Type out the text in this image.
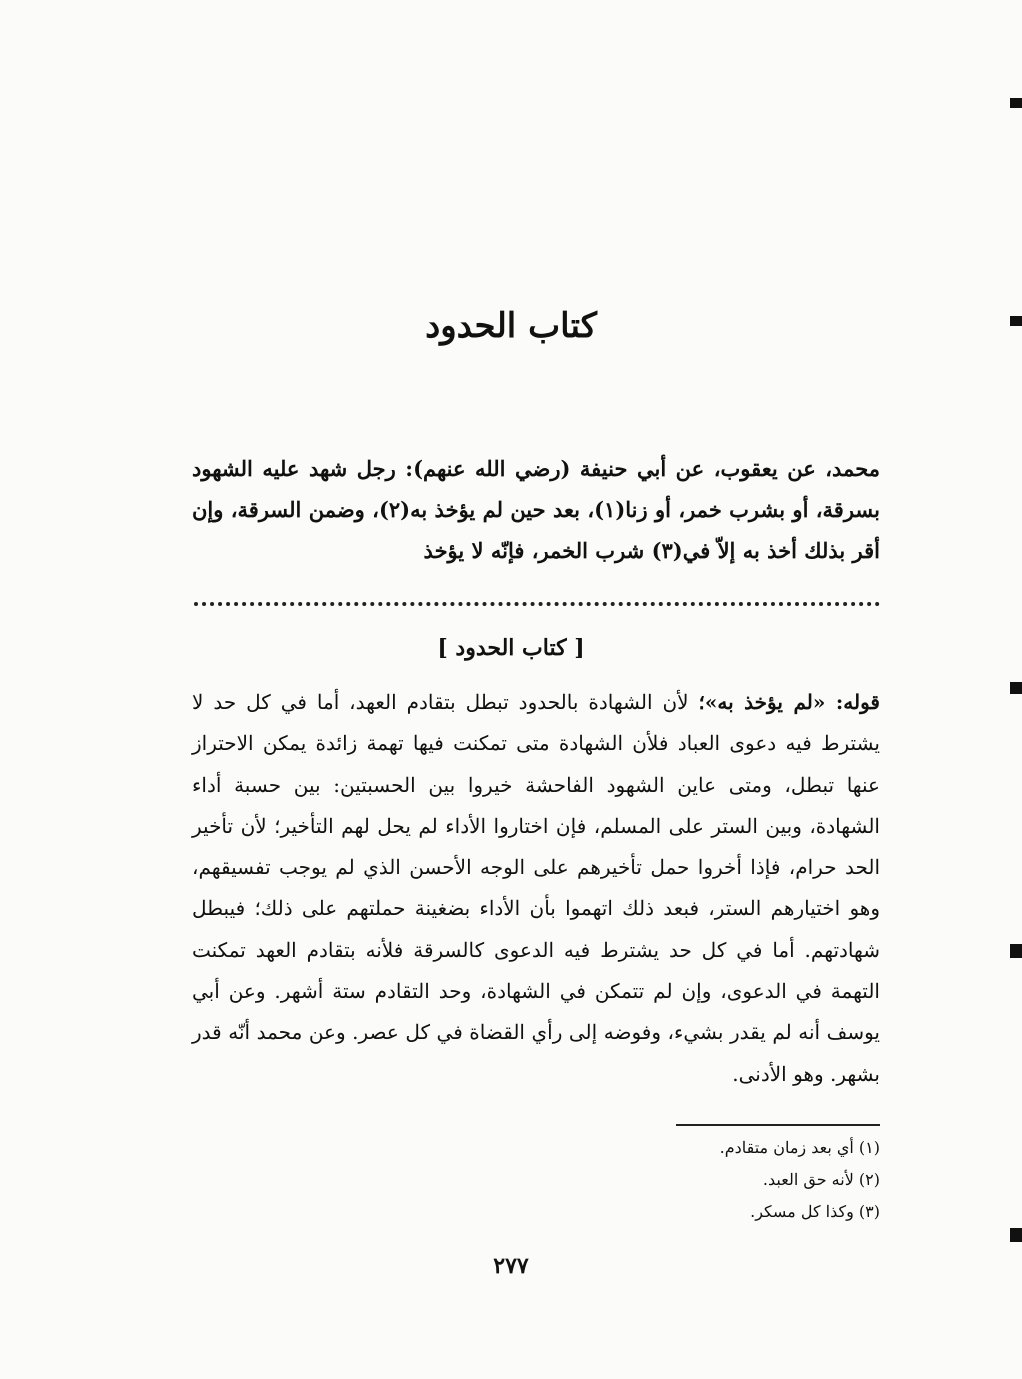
كتاب الحدود

محمد، عن يعقوب، عن أبي حنيفة (رضي الله عنهم): رجل شهد عليه الشهود بسرقة، أو بشرب خمر، أو زنا(١)، بعد حين لم يؤخذ به(٢)، وضمن السرقة، وإن أقر بذلك أخذ به إلاّ في(٣) شرب الخمر، فإنّه لا يؤخذ

[ كتاب الحدود ]

قوله: «لم يؤخذ به»؛ لأن الشهادة بالحدود تبطل بتقادم العهد، أما في كل حد لا يشترط فيه دعوى العباد فلأن الشهادة متى تمكنت فيها تهمة زائدة يمكن الاحتراز عنها تبطل، ومتى عاين الشهود الفاحشة خيروا بين الحسبتين: بين حسبة أداء الشهادة، وبين الستر على المسلم، فإن اختاروا الأداء لم يحل لهم التأخير؛ لأن تأخير الحد حرام، فإذا أخروا حمل تأخيرهم على الوجه الأحسن الذي لم يوجب تفسيقهم، وهو اختيارهم الستر، فبعد ذلك اتهموا بأن الأداء بضغينة حملتهم على ذلك؛ فيبطل شهادتهم. أما في كل حد يشترط فيه الدعوى كالسرقة فلأنه بتقادم العهد تمكنت التهمة في الدعوى، وإن لم تتمكن في الشهادة، وحد التقادم ستة أشهر. وعن أبي يوسف أنه لم يقدر بشيء، وفوضه إلى رأي القضاة في كل عصر. وعن محمد أنّه قدر بشهر. وهو الأدنى.

(١) أي بعد زمان متقادم.
(٢) لأنه حق العبد.
(٣) وكذا كل مسكر.
٢٧٧
